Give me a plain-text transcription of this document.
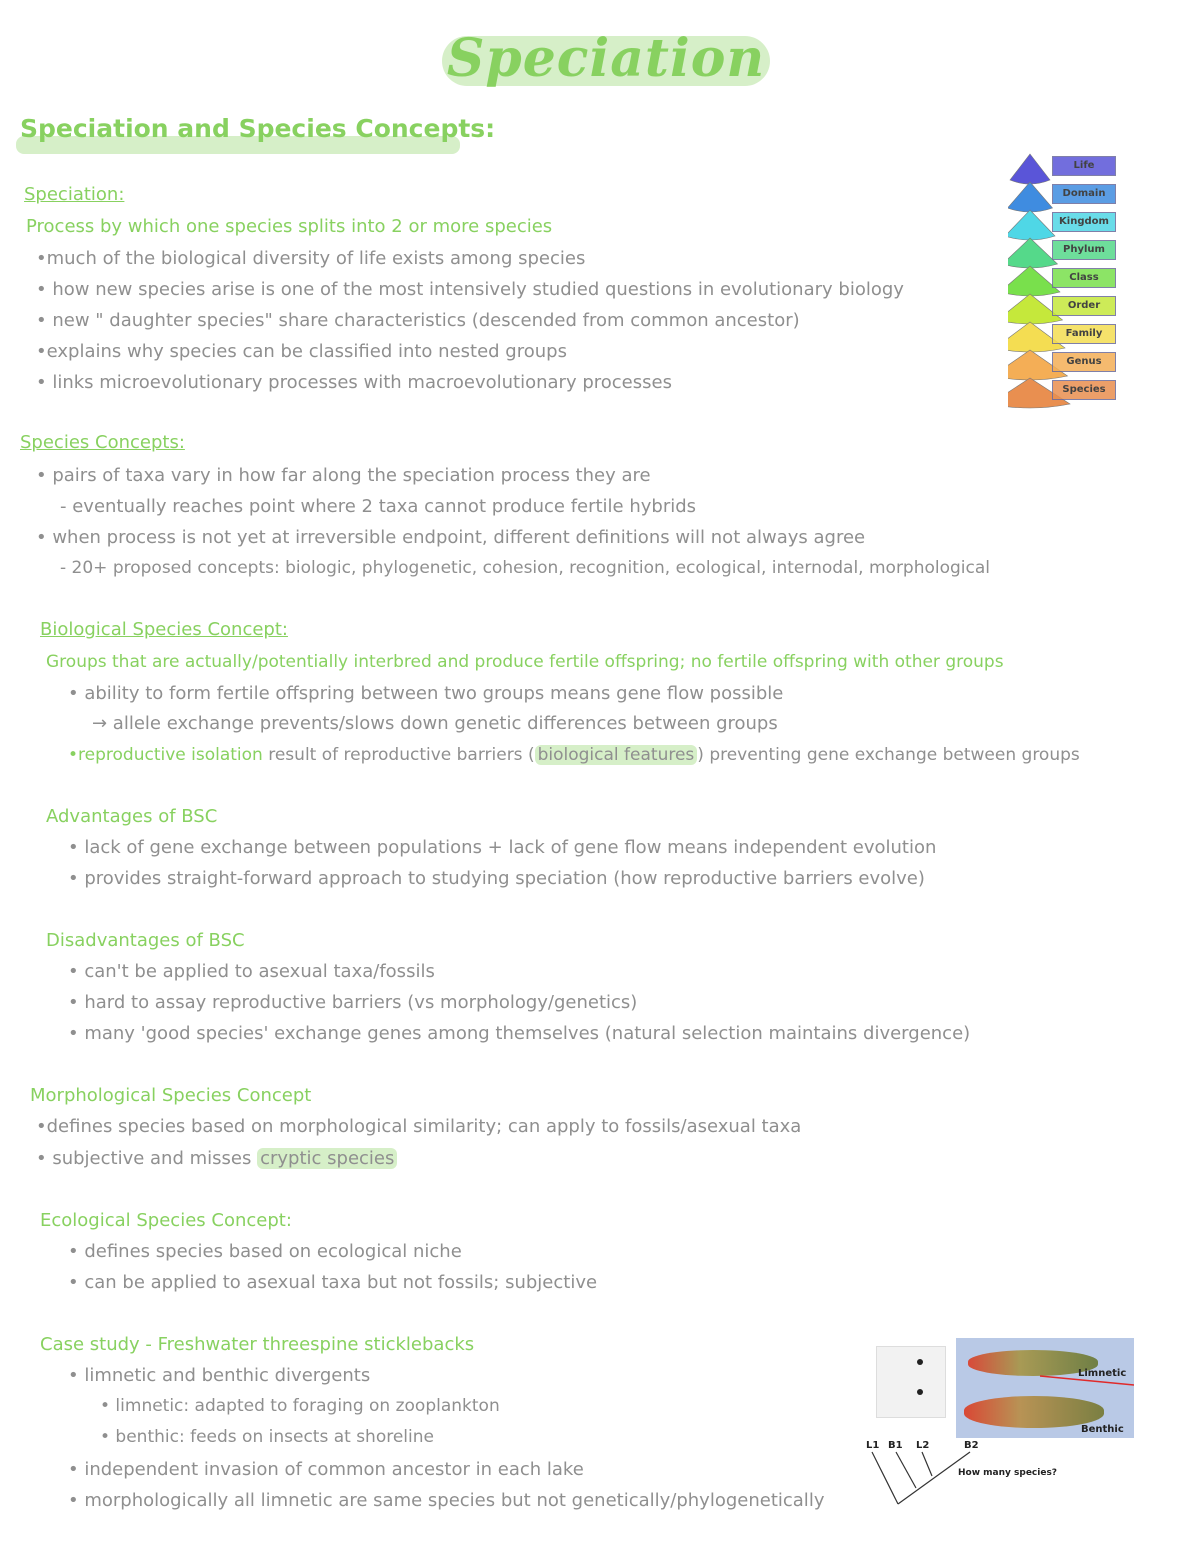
Speciation
Speciation and Species Concepts:
Speciation:
Process by which one species splits into 2 or more species
•much of the biological diversity of life exists among species
• how new species arise is one of the most intensively studied questions in evolutionary biology
• new " daughter species" share characteristics (descended from common ancestor)
•explains why species can be classified into nested groups
• links microevolutionary processes with macroevolutionary processes
Life
Domain
Kingdom
Phylum
Class
Order
Family
Genus
Species
Species Concepts:
• pairs of taxa vary in how far along the speciation process they are
- eventually reaches point where 2 taxa cannot produce fertile hybrids
• when process is not yet at irreversible endpoint, different definitions will not always agree
- 20+ proposed concepts: biologic, phylogenetic, cohesion, recognition, ecological, internodal, morphological
Biological Species Concept:
Groups that are actually/potentially interbred and produce fertile offspring; no fertile offspring with other groups
• ability to form fertile offspring between two groups means gene flow possible
→ allele exchange prevents/slows down genetic differences between groups
•reproductive isolation result of reproductive barriers ( biological features ) preventing gene exchange between groups
Advantages of BSC
• lack of gene exchange between populations + lack of gene flow means independent evolution
• provides straight-forward approach to studying speciation (how reproductive barriers evolve)
Disadvantages of BSC
• can't be applied to asexual taxa/fossils
• hard to assay reproductive barriers (vs morphology/genetics)
• many 'good species' exchange genes among themselves (natural selection maintains divergence)
Morphological Species Concept
•defines species based on morphological similarity; can apply to fossils/asexual taxa
• subjective and misses cryptic species
Ecological Species Concept:
• defines species based on ecological niche
• can be applied to asexual taxa but not fossils; subjective
Case study - Freshwater threespine sticklebacks
• limnetic and benthic divergents
• limnetic: adapted to foraging on zooplankton
• benthic: feeds on insects at shoreline
• independent invasion of common ancestor in each lake
• morphologically all limnetic are same species but not genetically/phylogenetically
Limnetic
Benthic
L1 B1 L2	B2
How many species?
